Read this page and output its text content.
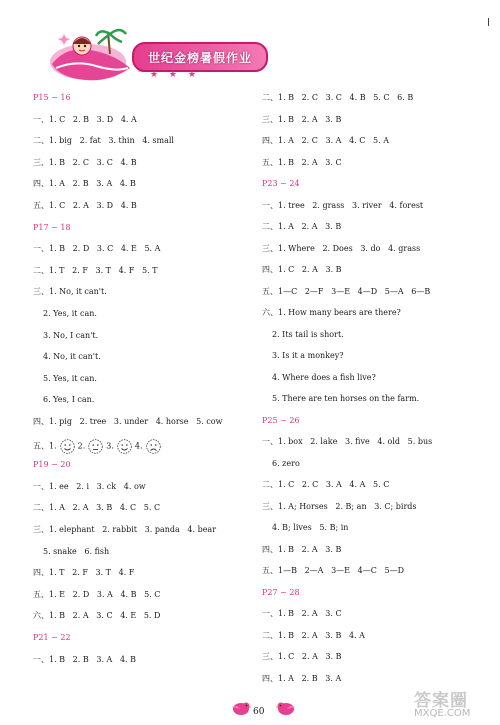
世纪金榜暑假作业
★ ★ ★
P15 ~ 16
一、1. C   2. B   3. D   4. A
二、1. big   2. fat   3. thin   4. small
三、1. B   2. C   3. C   4. B
四、1. A   2. B   3. A   4. B
五、1. C   2. A   3. D   4. B
P17 ~ 18
一、1. B   2. D   3. C   4. E   5. A
二、1. T   2. F   3. T   4. F   5. T
三、1. No, it can't.
2. Yes, it can.
3. No, I can't.
4. No, it can't.
5. Yes, it can.
6. Yes, I can.
四、1. pig   2. tree   3. under   4. horse   5. cow
五、1.	2.	3.	4.
P19 ~ 20
一、1. ee   2. i   3. ck   4. ow
二、1. A   2. A   3. B   4. C   5. C
三、1. elephant   2. rabbit   3. panda   4. bear
5. snake   6. fish
四、1. T   2. F   3. T   4. F
五、1. E   2. D   3. A   4. B   5. C
六、1. B   2. A   3. C   4. E   5. D
P21 ~ 22
一、1. B   2. B   3. A   4. B
二、1. B   2. C   3. C   4. B   5. C   6. B
三、1. B   2. A   3. B
四、1. A   2. C   3. A   4. C   5. A
五、1. B   2. A   3. C
P23 ~ 24
一、1. tree   2. grass   3. river   4. forest
二、1. A   2. A   3. B
三、1. Where   2. Does   3. do   4. grass
四、1. C   2. A   3. B
五、1—C   2—F   3—E   4—D   5—A   6—B
六、1. How many bears are there?
2. Its tail is short.
3. Is it a monkey?
4. Where does a fish live?
5. There are ten horses on the farm.
P25 ~ 26
一、1. box   2. lake   3. five   4. old   5. bus
6. zero
二、1. C   2. C   3. A   4. A   5. C
三、1. A; Horses   2. B; an   3. C; birds
4. B; lives   5. B; in
四、1. B   2. A   3. B
五、1—B   2—A   3—E   4—C   5—D
P27 ~ 28
一、1. B   2. A   3. C
二、1. B   2. A   3. B   4. A
三、1. C   2. A   3. B
四、1. A   2. B   3. A
60
答案圈
MXQE.COM
